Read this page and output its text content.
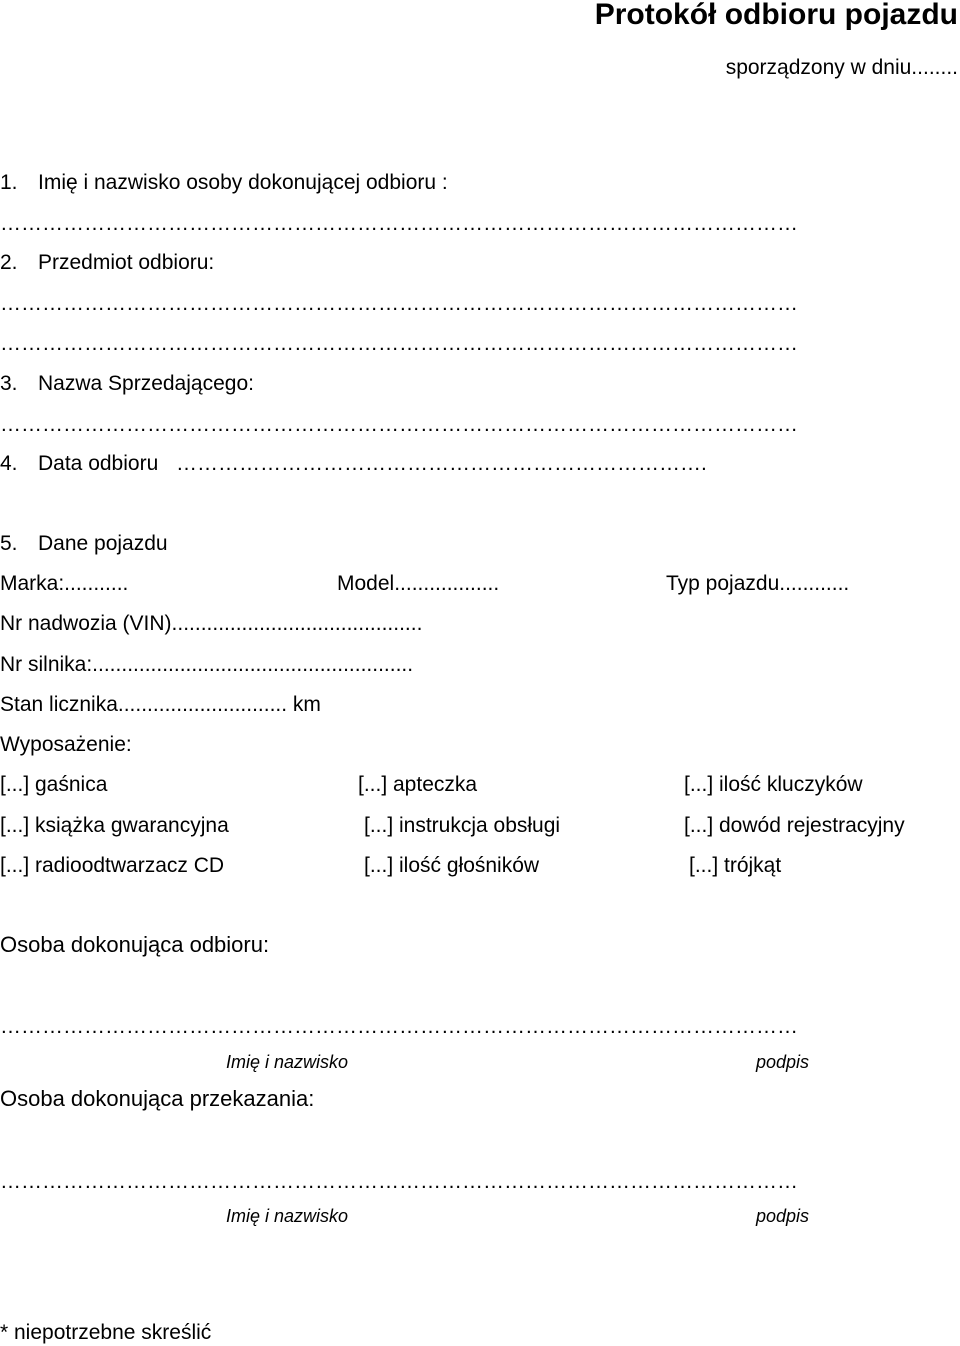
Protokół odbioru pojazdu
sporządzony w dniu........
1. Imię i nazwisko osoby dokonującej odbioru :
……………………………………………………………………………………………………
2. Przedmiot odbioru:
……………………………………………………………………………………………………
……………………………………………………………………………………………………
3. Nazwa Sprzedającego:
……………………………………………………………………………………………………
4. Data odbioru ………………………………………………………………….
5. Dane pojazdu
Marka:...........	Model..................	Typ pojazdu............
Nr nadwozia (VIN)...........................................
Nr silnika:.......................................................
Stan licznika............................. km
Wyposażenie:
[...] gaśnica	[...] apteczka	[...] ilość kluczyków
[...] książka gwarancyjna	[...] instrukcja obsługi	[...] dowód rejestracyjny
[...] radioodtwarzacz CD	[...] ilość głośników	[...] trójkąt
Osoba dokonująca odbioru:
……………………………………………………………………………………………………
Imię i nazwisko	podpis
Osoba dokonująca przekazania:
……………………………………………………………………………………………………
Imię i nazwisko	podpis
* niepotrzebne skreślić
